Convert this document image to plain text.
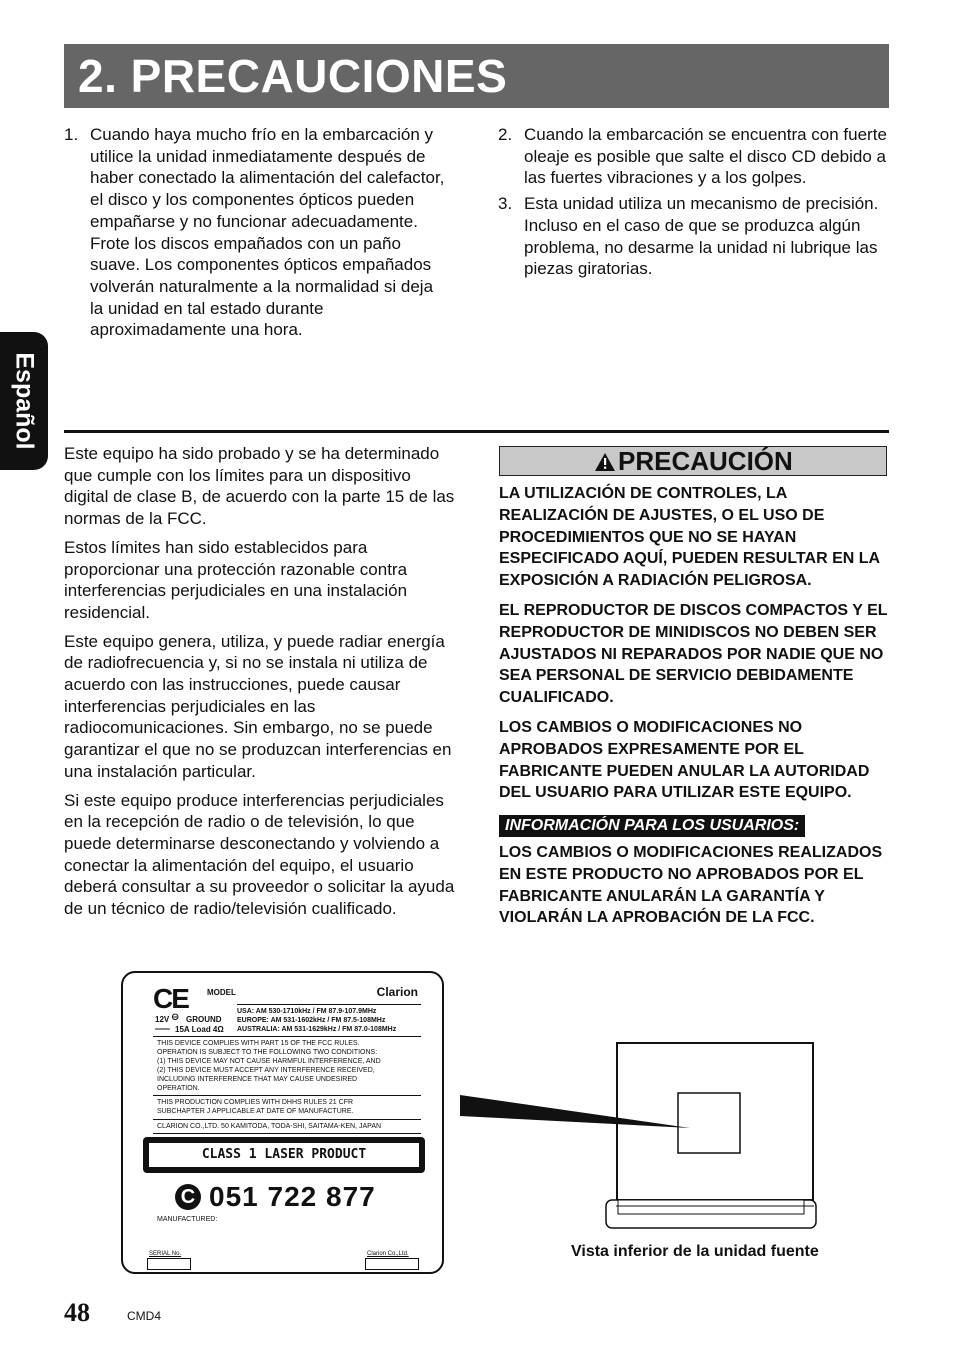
2. PRECAUCIONES
Español
1. Cuando haya mucho frío en la embarcación y utilice la unidad inmediatamente después de haber conectado la alimentación del calefactor, el disco y los componentes ópticos pueden empañarse y no funcionar adecuadamente. Frote los discos empañados con un paño suave. Los componentes ópticos empañados volverán naturalmente a la normalidad si deja la unidad en tal estado durante aproximadamente una hora.
2. Cuando la embarcación se encuentra con fuerte oleaje es posible que salte el disco CD debido a las fuertes vibraciones y a los golpes.
3. Esta unidad utiliza un mecanismo de precisión. Incluso en el caso de que se produzca algún problema, no desarme la unidad ni lubrique las piezas giratorias.

Este equipo ha sido probado y se ha determinado que cumple con los límites para un dispositivo digital de clase B, de acuerdo con la parte 15 de las normas de la FCC.

Estos límites han sido establecidos para proporcionar una protección razonable contra interferencias perjudiciales en una instalación residencial.

Este equipo genera, utiliza, y puede radiar energía de radiofrecuencia y, si no se instala ni utiliza de acuerdo con las instrucciones, puede causar interferencias perjudiciales en las radiocomunicaciones. Sin embargo, no se puede garantizar el que no se produzcan interferencias en una instalación particular.

Si este equipo produce interferencias perjudiciales en la recepción de radio o de televisión, lo que puede determinarse desconectando y volviendo a conectar la alimentación del equipo, el usuario deberá consultar a su proveedor o solicitar la ayuda de un técnico de radio/televisión cualificado.

PRECAUCIÓN

LA UTILIZACIÓN DE CONTROLES, LA REALIZACIÓN DE AJUSTES, O EL USO DE PROCEDIMIENTOS QUE NO SE HAYAN ESPECIFICADO AQUÍ, PUEDEN RESULTAR EN LA EXPOSICIÓN A RADIACIÓN PELIGROSA.

EL REPRODUCTOR DE DISCOS COMPACTOS Y EL REPRODUCTOR DE MINIDISCOS NO DEBEN SER AJUSTADOS NI REPARADOS POR NADIE QUE NO SEA PERSONAL DE SERVICIO DEBIDAMENTE CUALIFICADO.

LOS CAMBIOS O MODIFICACIONES NO APROBADOS EXPRESAMENTE POR EL FABRICANTE PUEDEN ANULAR LA AUTORIDAD DEL USUARIO PARA UTILIZAR ESTE EQUIPO.

INFORMACIÓN PARA LOS USUARIOS:
LOS CAMBIOS O MODIFICACIONES REALIZADOS EN ESTE PRODUCTO NO APROBADOS POR EL FABRICANTE ANULARÁN LA GARANTÍA Y VIOLARÁN LA APROBACIÓN DE LA FCC.
CE MODEL	Clarion
12V ⊖ GROUND
15A Load 4Ω
═══
USA: AM 530-1710kHz / FM 87.9-107.9MHz
EUROPE: AM 531-1602kHz / FM 87.5-108MHz
AUSTRALIA: AM 531-1629kHz / FM 87.0-108MHz
THIS DEVICE COMPLIES WITH PART 15 OF THE FCC RULES.
OPERATION IS SUBJECT TO THE FOLLOWING TWO CONDITIONS:
(1) THIS DEVICE MAY NOT CAUSE HARMFUL INTERFERENCE, AND
(2) THIS DEVICE MUST ACCEPT ANY INTERFERENCE RECEIVED,
INCLUDING INTERFERENCE THAT MAY CAUSE UNDESIRED
OPERATION.
THIS PRODUCTION COMPLIES WITH DHHS RULES 21 CFR
SUBCHAPTER J APPLICABLE AT DATE OF MANUFACTURE.
CLARION CO.,LTD. 50 KAMITODA, TODA-SHI, SAITAMA-KEN, JAPAN
CLASS 1 LASER PRODUCT
C 051 722 877
MANUFACTURED:
SERIAL No.	Clarion Co.,Ltd.	Vista inferior de la unidad fuente
48	CMD4
